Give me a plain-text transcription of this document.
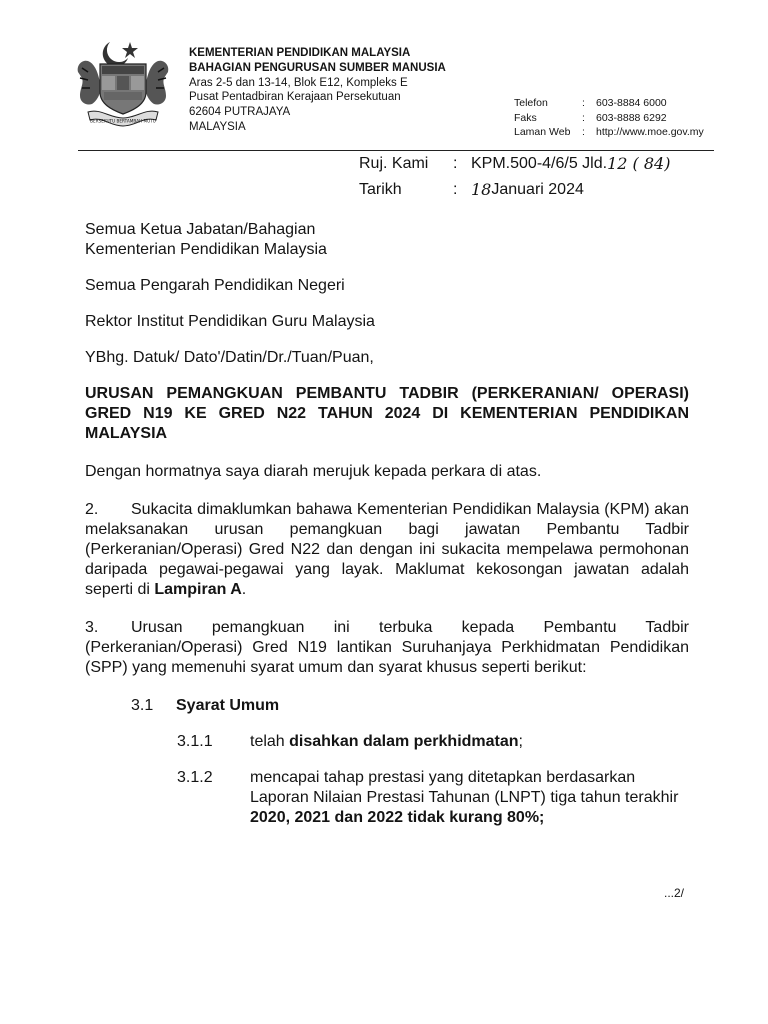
BERSEKUTU BERTAMBAH MUTU
KEMENTERIAN PENDIDIKAN MALAYSIA
BAHAGIAN PENGURUSAN SUMBER MANUSIA
Aras 2-5 dan 13-14, Blok E12, Kompleks E
Pusat Pentadbiran Kerajaan Persekutuan
62604 PUTRAJAYA
MALAYSIA
Telefon	:	603-8884 6000
Faks	:	603-8888 6292
Laman Web	:	http://www.moe.gov.my
Ruj. Kami	: KPM.500-4/6/5 Jld. 12 ( 84)
Tarikh	: 18 Januari 2024
Semua Ketua Jabatan/Bahagian
Kementerian Pendidikan Malaysia
Semua Pengarah Pendidikan Negeri
Rektor Institut Pendidikan Guru Malaysia
YBhg. Datuk/ Dato'/Datin/Dr./Tuan/Puan,

URUSAN PEMANGKUAN PEMBANTU TADBIR (PERKERANIAN/ OPERASI) GRED N19 KE GRED N22 TAHUN 2024 DI KEMENTERIAN PENDIDIKAN MALAYSIA

Dengan hormatnya saya diarah merujuk kepada perkara di atas.

2. Sukacita dimaklumkan bahawa Kementerian Pendidikan Malaysia (KPM) akan melaksanakan urusan pemangkuan bagi jawatan Pembantu Tadbir (Perkeranian/Operasi) Gred N22 dan dengan ini sukacita mempelawa permohonan daripada pegawai-pegawai yang layak. Maklumat kekosongan jawatan adalah seperti di Lampiran A.

3. Urusan pemangkuan ini terbuka kepada Pembantu Tadbir (Perkeranian/Operasi) Gred N19 lantikan Suruhanjaya Perkhidmatan Pendidikan (SPP) yang memenuhi syarat umum dan syarat khusus seperti berikut:

3.1	Syarat Umum
3.1.1	telah disahkan dalam perkhidmatan;
3.1.2	mencapai tahap prestasi yang ditetapkan berdasarkan Laporan Nilaian Prestasi Tahunan (LNPT) tiga tahun terakhir 2020, 2021 dan 2022 tidak kurang 80%;
...2/
